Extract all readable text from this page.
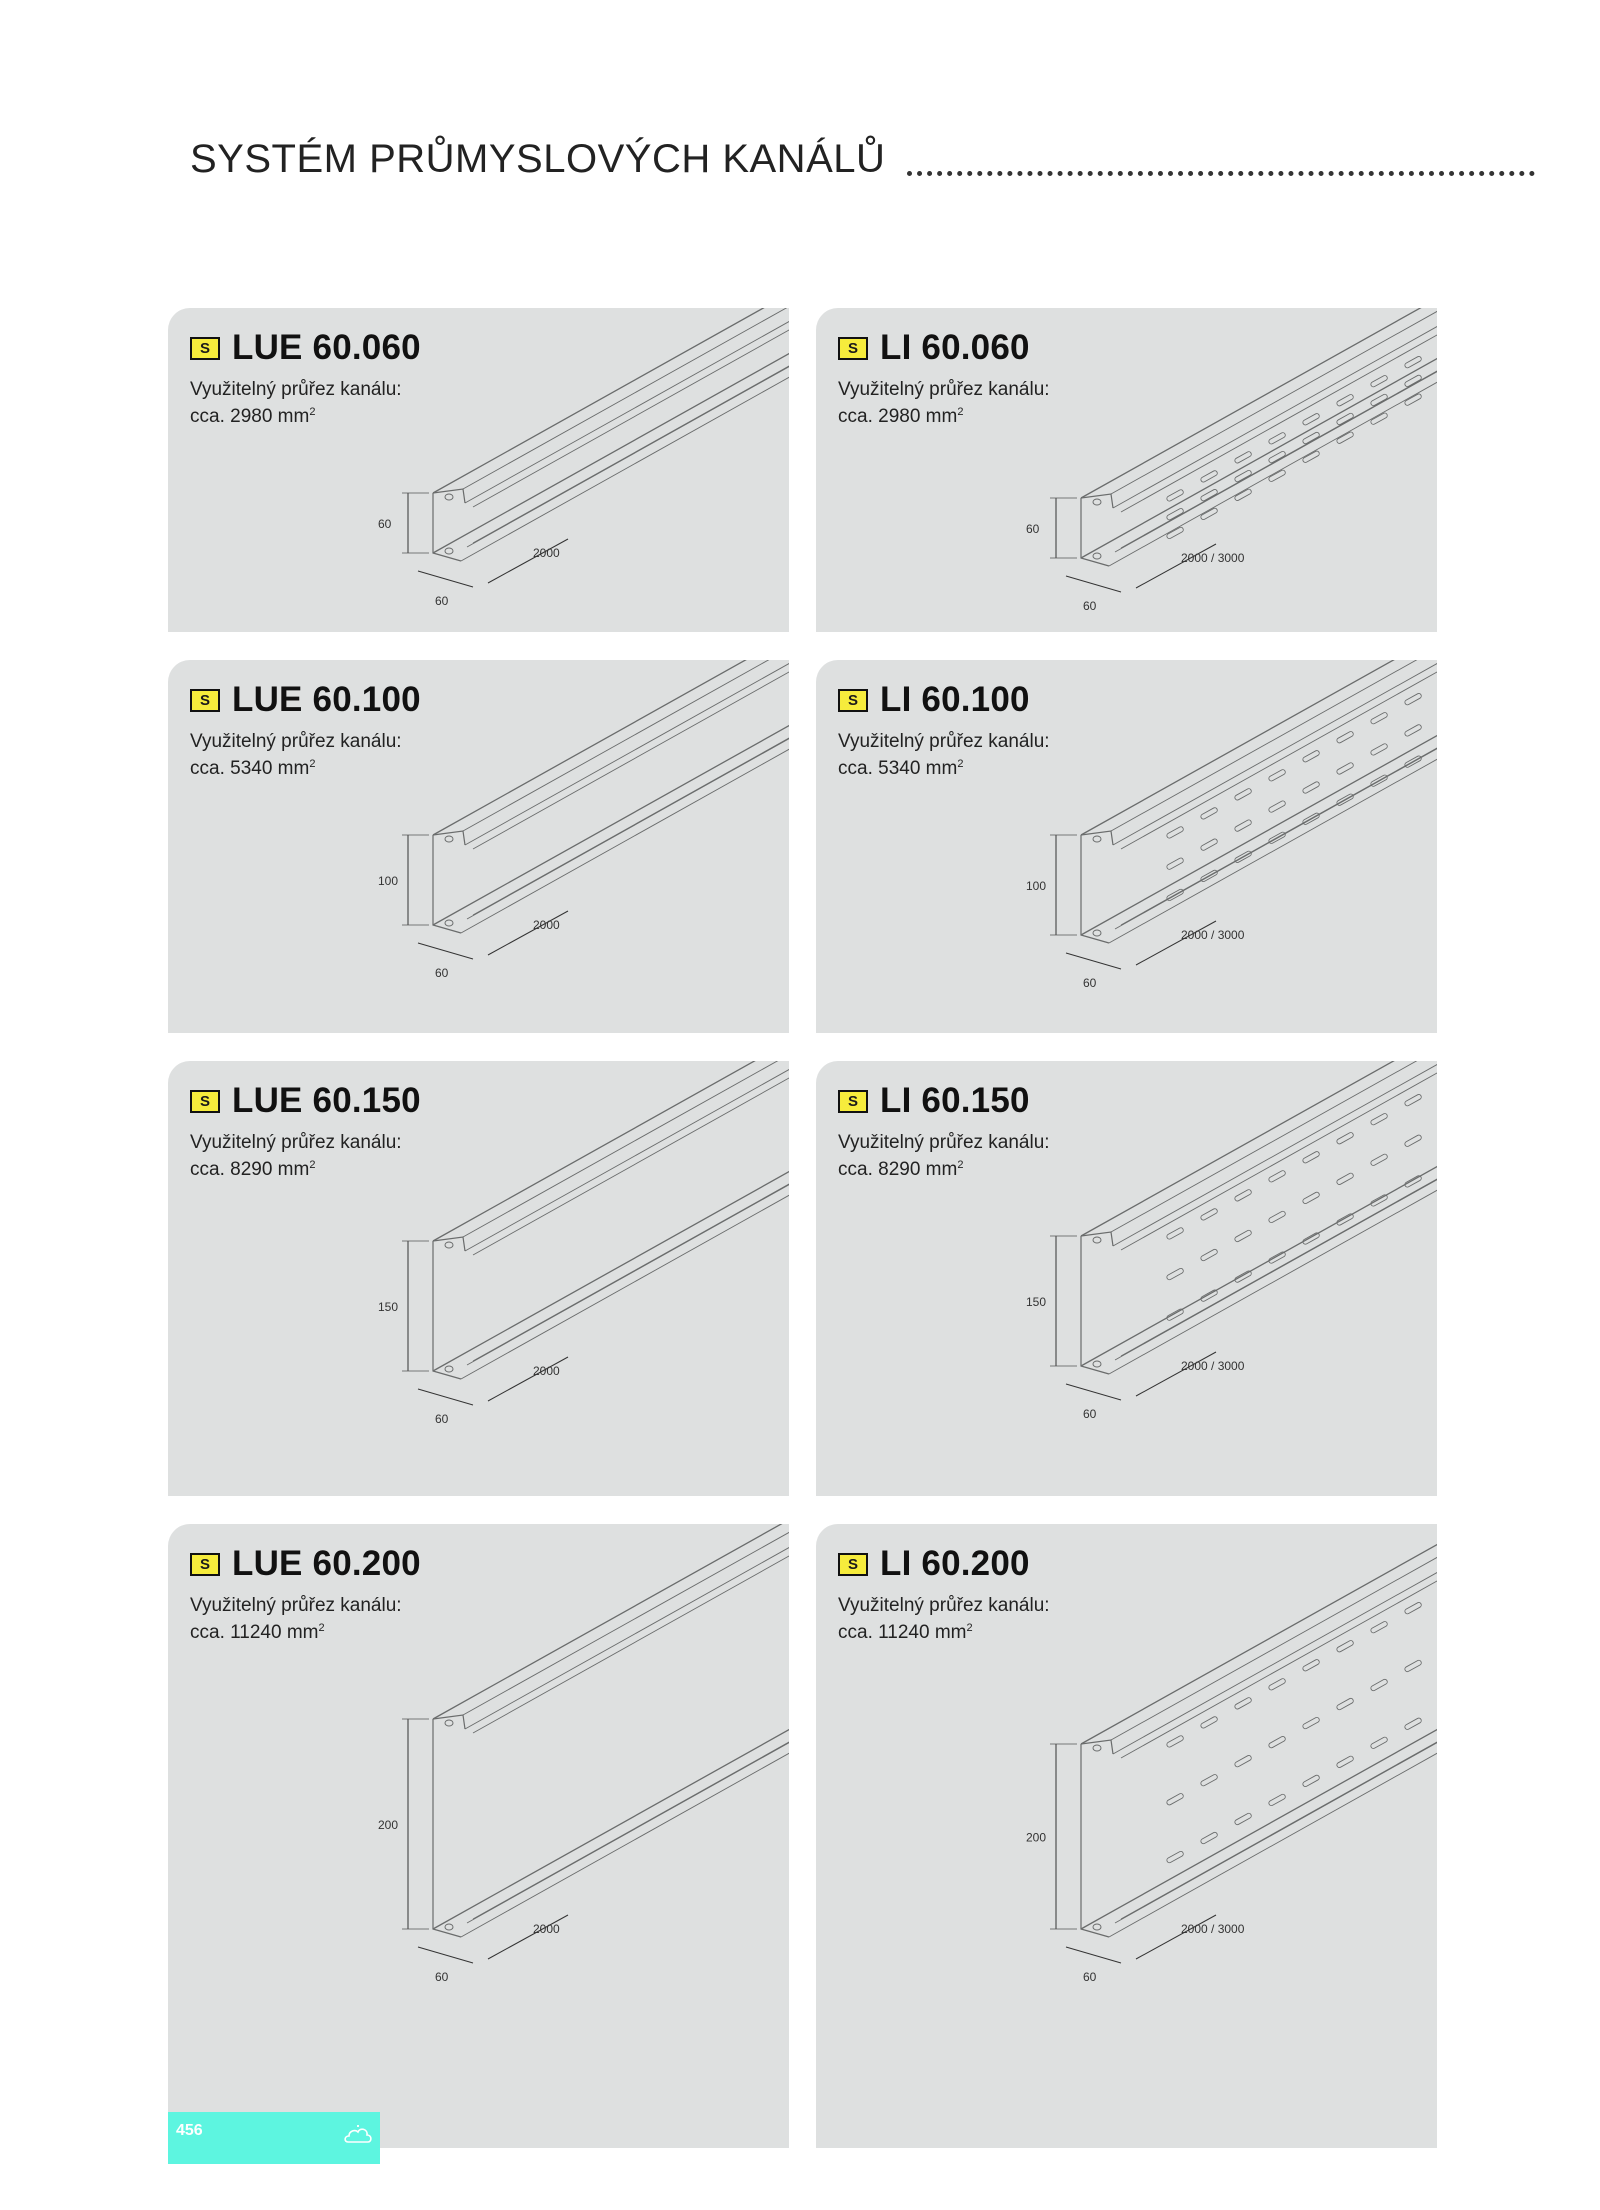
SYSTÉM PRŮMYSLOVÝCH KANÁLŮ
S LUE 60.060
Využitelný průřez kanálu:
cca. 2980 $mm^2$
60
60
2000
S LI 60.060
Využitelný průřez kanálu:
cca. 2980 $mm^2$
60
60
2000 / 3000
S LUE 60.100
Využitelný průřez kanálu:
cca. 5340 $mm^2$
100
60
2000
S LI 60.100
Využitelný průřez kanálu:
cca. 5340 $mm^2$
100
60
2000 / 3000
S LUE 60.150
Využitelný průřez kanálu:
cca. 8290 $mm^2$
150
60
2000
S LI 60.150
Využitelný průřez kanálu:
cca. 8290 $mm^2$
150
60
2000 / 3000
S LUE 60.200
Využitelný průřez kanálu:
cca. 11240 $mm^2$
200
60
2000
S LI 60.200
Využitelný průřez kanálu:
cca. 11240 $mm^2$
200
60
2000 / 3000
456
